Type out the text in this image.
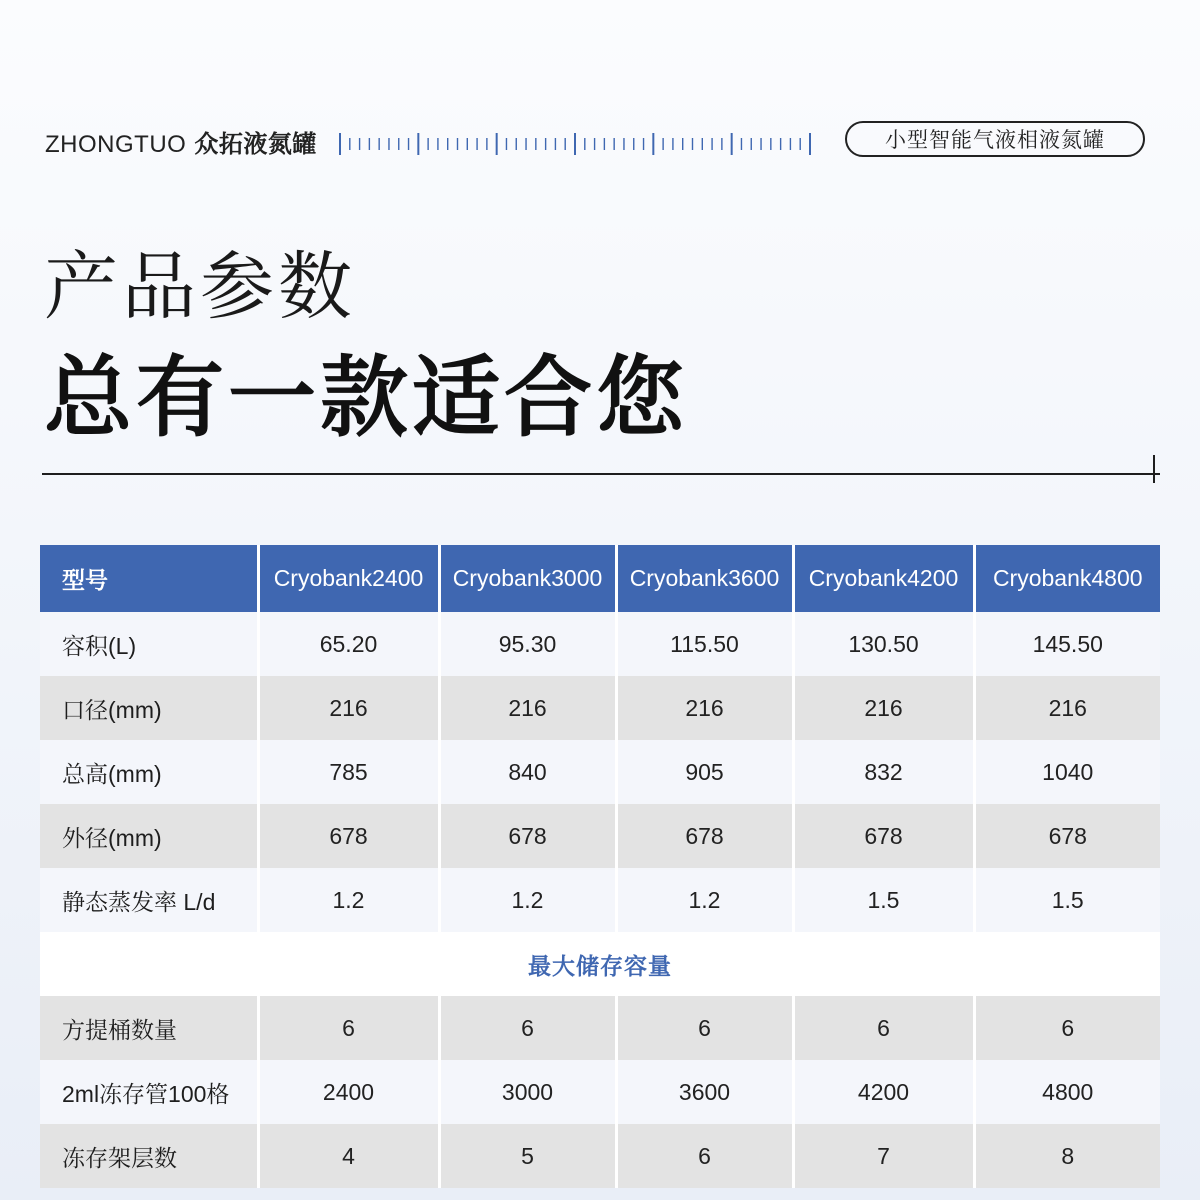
ZHONGTUO 众拓液氮罐	小型智能气液相液氮罐
产品参数
总有一款适合您
型号	Cryobank2400	Cryobank3000	Cryobank3600	Cryobank4200	Cryobank4800
容积(L)	65.20	95.30	115.50	130.50	145.50
口径(mm)	216	216	216	216	216
总高(mm)	785	840	905	832	1040
外径(mm)	678	678	678	678	678
静态蒸发率 L/d	1.2	1.2	1.2	1.5	1.5
最大储存容量					
方提桶数量	6	6	6	6	6
2ml冻存管100格	2400	3000	3600	4200	4800
冻存架层数	4	5	6	7	8
